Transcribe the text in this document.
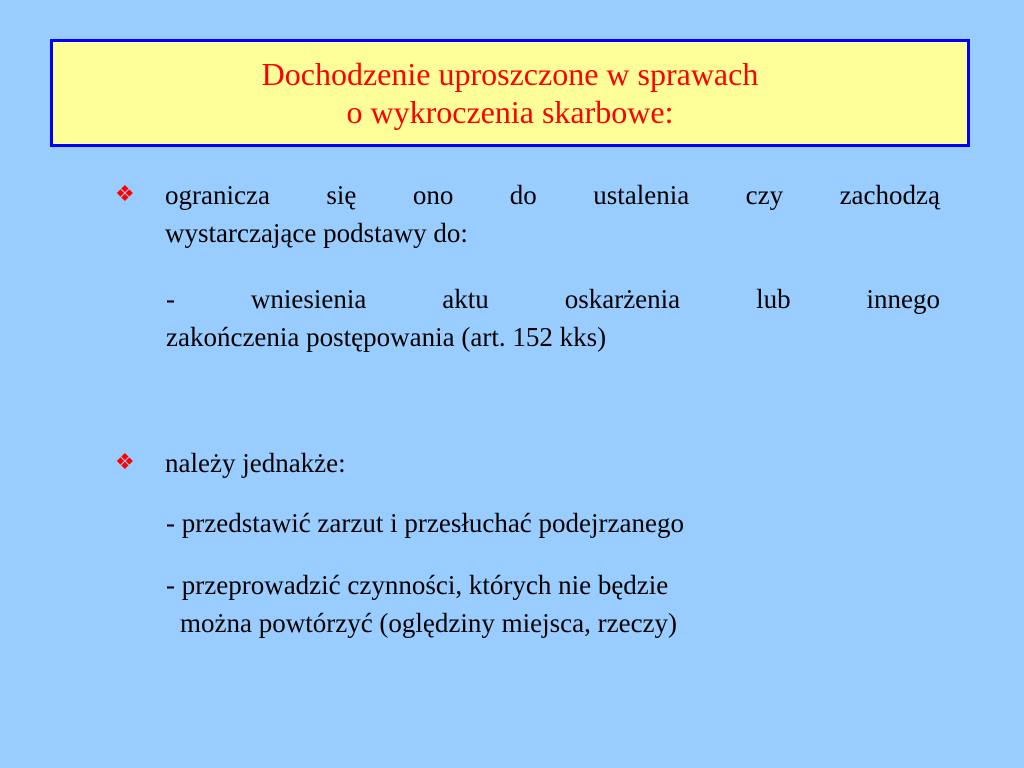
Dochodzenie uproszczone w sprawach
o wykroczenia skarbowe:
❖ ogranicza się ono do ustalenia czy zachodzą
wystarczające podstawy do:
- wniesienia aktu oskarżenia lub innego
zakończenia postępowania (art. 152 kks)
❖ należy jednakże:
- przedstawić zarzut i przesłuchać podejrzanego
- przeprowadzić czynności, których nie będzie
można powtórzyć (oględziny miejsca, rzeczy)
